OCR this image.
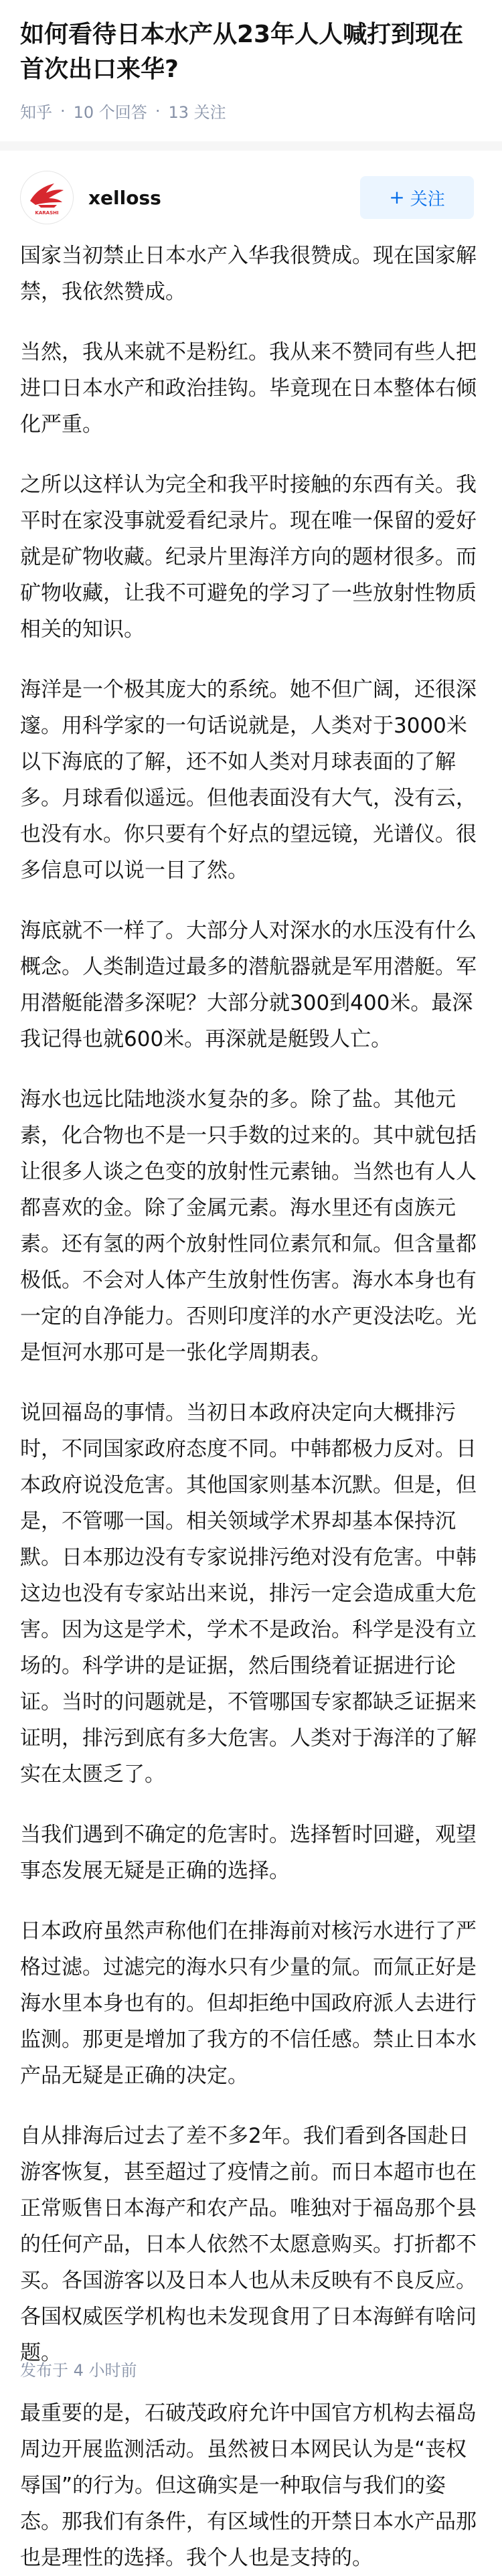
如何看待日本水产从23年人人喊打到现在首次出口来华?
知乎 · 10 个回答 · 13 关注
KARASHI
xelloss	+ 关注

国家当初禁止日本水产入华我很赞成。现在国家解禁，我依然赞成。

当然，我从来就不是粉红。我从来不赞同有些人把进口日本水产和政治挂钩。毕竟现在日本整体右倾化严重。

之所以这样认为完全和我平时接触的东西有关。我平时在家没事就爱看纪录片。现在唯一保留的爱好就是矿物收藏。纪录片里海洋方向的题材很多。而矿物收藏，让我不可避免的学习了一些放射性物质相关的知识。

海洋是一个极其庞大的系统。她不但广阔，还很深邃。用科学家的一句话说就是，人类对于3000米以下海底的了解，还不如人类对月球表面的了解多。月球看似遥远。但他表面没有大气，没有云，也没有水。你只要有个好点的望远镜，光谱仪。很多信息可以说一目了然。

海底就不一样了。大部分人对深水的水压没有什么概念。人类制造过最多的潜航器就是军用潜艇。军用潜艇能潜多深呢？大部分就300到400米。最深我记得也就600米。再深就是艇毁人亡。

海水也远比陆地淡水复杂的多。除了盐。其他元素，化合物也不是一只手数的过来的。其中就包括让很多人谈之色变的放射性元素铀。当然也有人人都喜欢的金。除了金属元素。海水里还有卤族元素。还有氢的两个放射性同位素氘和氚。但含量都极低。不会对人体产生放射性伤害。海水本身也有一定的自净能力。否则印度洋的水产更没法吃。光是恒河水那可是一张化学周期表。

说回福岛的事情。当初日本政府决定向大概排污时，不同国家政府态度不同。中韩都极力反对。日本政府说没危害。其他国家则基本沉默。但是，但是，不管哪一国。相关领域学术界却基本保持沉默。日本那边没有专家说排污绝对没有危害。中韩这边也没有专家站出来说，排污一定会造成重大危害。因为这是学术，学术不是政治。科学是没有立场的。科学讲的是证据，然后围绕着证据进行论证。当时的问题就是，不管哪国专家都缺乏证据来证明，排污到底有多大危害。人类对于海洋的了解实在太匮乏了。

当我们遇到不确定的危害时。选择暂时回避，观望事态发展无疑是正确的选择。

日本政府虽然声称他们在排海前对核污水进行了严格过滤。过滤完的海水只有少量的氚。而氚正好是海水里本身也有的。但却拒绝中国政府派人去进行监测。那更是增加了我方的不信任感。禁止日本水产品无疑是正确的决定。

自从排海后过去了差不多2年。我们看到各国赴日游客恢复，甚至超过了疫情之前。而日本超市也在正常贩售日本海产和农产品。唯独对于福岛那个县的任何产品，日本人依然不太愿意购买。打折都不买。各国游客以及日本人也从未反映有不良反应。各国权威医学机构也未发现食用了日本海鲜有啥问题。

最重要的是，石破茂政府允许中国官方机构去福岛周边开展监测活动。虽然被日本网民认为是“丧权辱国”的行为。但这确实是一种取信与我们的姿态。那我们有条件，有区域性的开禁日本水产品那也是理性的选择。我个人也是支持的。

发布于 4 小时前
